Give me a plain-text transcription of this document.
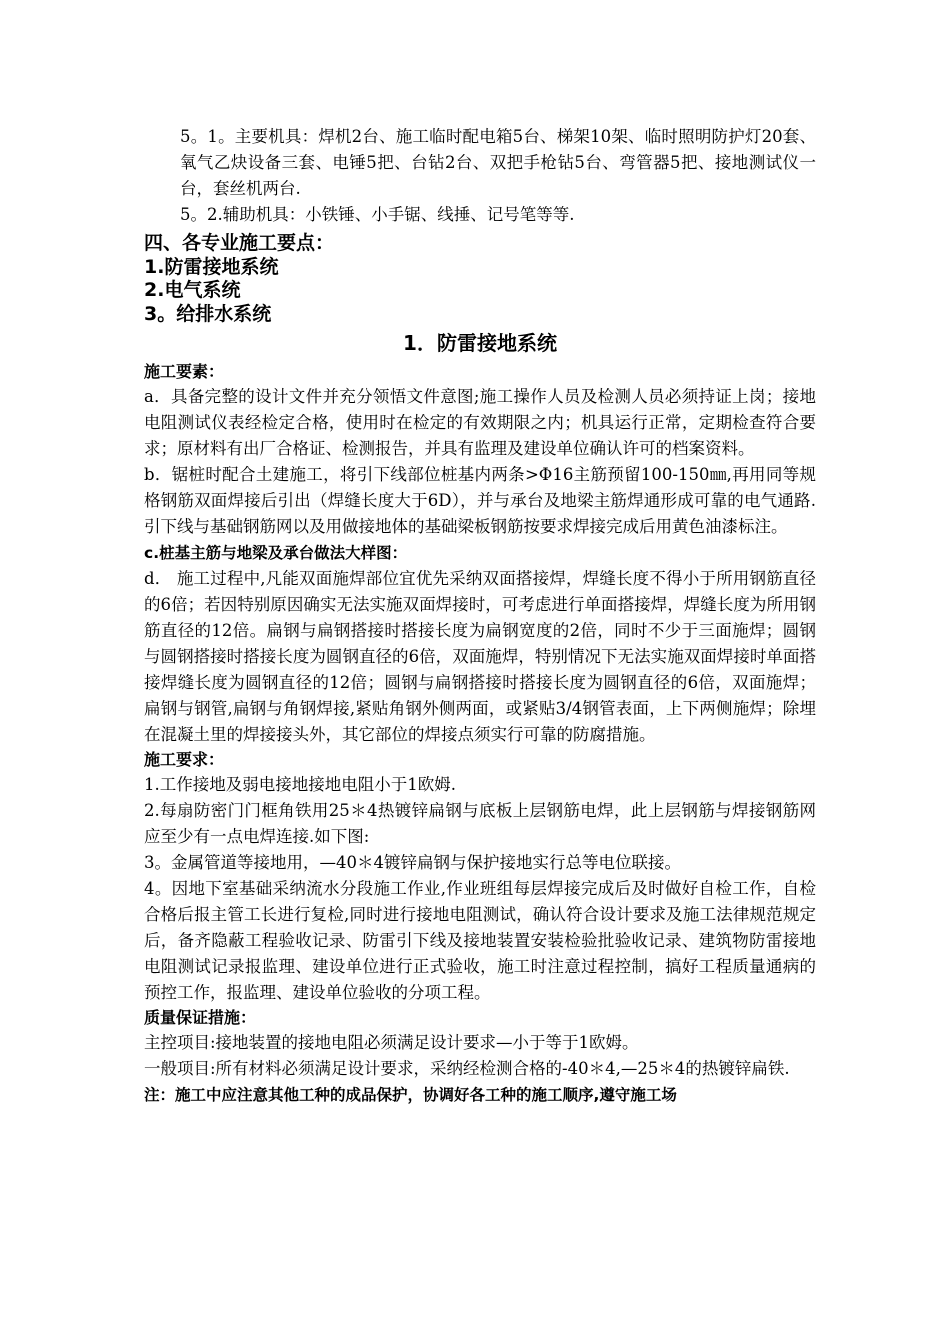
5。1。主要机具：焊机2台、施工临时配电箱5台、梯架10架、临时照明防护灯20套、氧气乙炔设备三套、电锤5把、台钻2台、双把手枪钻5台、弯管器5把、接地测试仪一台，套丝机两台.

5。2.辅助机具：小铁锤、小手锯、线捶、记号笔等等.

四、各专业施工要点：

1.防雷接地系统

2.电气系统

3。给排水系统

1．防雷接地系统

施工要素：

a．具备完整的设计文件并充分领悟文件意图;施工操作人员及检测人员必须持证上岗；接地电阻测试仪表经检定合格，使用时在检定的有效期限之内；机具运行正常，定期检查符合要求；原材料有出厂合格证、检测报告，并具有监理及建设单位确认许可的档案资料。

b．锯桩时配合土建施工，将引下线部位桩基内两条>Φ16主筋预留100-150㎜,再用同等规格钢筋双面焊接后引出（焊缝长度大于6D），并与承台及地梁主筋焊通形成可靠的电气通路.引下线与基础钢筋网以及用做接地体的基础梁板钢筋按要求焊接完成后用黄色油漆标注。

c.桩基主筋与地梁及承台做法大样图：

d． 施工过程中,凡能双面施焊部位宜优先采纳双面搭接焊，焊缝长度不得小于所用钢筋直径的6倍；若因特别原因确实无法实施双面焊接时，可考虑进行单面搭接焊，焊缝长度为所用钢筋直径的12倍。扁钢与扁钢搭接时搭接长度为扁钢宽度的2倍，同时不少于三面施焊；圆钢与圆钢搭接时搭接长度为圆钢直径的6倍，双面施焊，特别情况下无法实施双面焊接时单面搭接焊缝长度为圆钢直径的12倍；圆钢与扁钢搭接时搭接长度为圆钢直径的6倍，双面施焊；扁钢与钢管,扁钢与角钢焊接,紧贴角钢外侧两面，或紧贴3/4钢管表面，上下两侧施焊；除埋在混凝土里的焊接接头外，其它部位的焊接点须实行可靠的防腐措施。

施工要求：

1.工作接地及弱电接地接地电阻小于1欧姆.

2.每扇防密门门框角铁用25＊4热镀锌扁钢与底板上层钢筋电焊，此上层钢筋与焊接钢筋网应至少有一点电焊连接.如下图:

3。金属管道等接地用，—40＊4镀锌扁钢与保护接地实行总等电位联接。

4。因地下室基础采纳流水分段施工作业,作业班组每层焊接完成后及时做好自检工作，自检合格后报主管工长进行复检,同时进行接地电阻测试，确认符合设计要求及施工法律规范规定后，备齐隐蔽工程验收记录、防雷引下线及接地装置安装检验批验收记录、建筑物防雷接地电阻测试记录报监理、建设单位进行正式验收，施工时注意过程控制，搞好工程质量通病的预控工作，报监理、建设单位验收的分项工程。

质量保证措施：

主控项目:接地装置的接地电阻必须满足设计要求—小于等于1欧姆。

一般项目:所有材料必须满足设计要求，采纳经检测合格的-40＊4,—25＊4的热镀锌扁铁.

注：施工中应注意其他工种的成品保护，协调好各工种的施工顺序,遵守施工场
